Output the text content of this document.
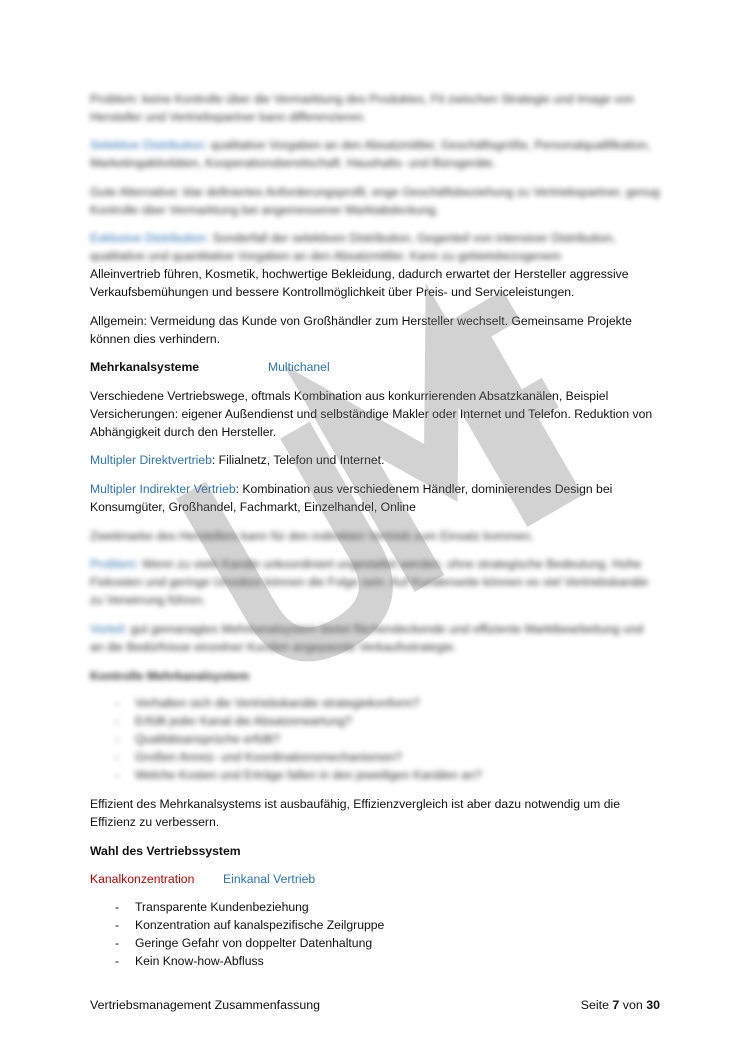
Problem: keine Kontrolle über die Vermarktung des Produktes, Fit zwischen Strategie und Image von Hersteller und Vertriebspartner kann differenzieren.
Selektive Distribution: qualitative Vorgaben an den Absatzmittler, Geschäftsgröße, Personalqualifikation, Marketingaktivitäten, Kooperationsbereitschaft. Haushalts- und Bürogeräte.
Gute Alternative: klar definiertes Anforderungsprofil, enge Geschäftsbeziehung zu Vertriebspartner, genug Kontrolle über Vermarktung bei angemessener Marktabdeckung.
Exklusive Distribution: Sonderfall der selektiven Distribution, Gegenteil von intensiver Distribution, qualitative und quantitative Vorgaben an den Absatzmittler. Kann zu gebietsbezogenem
Alleinvertrieb führen, Kosmetik, hochwertige Bekleidung, dadurch erwartet der Hersteller aggressive Verkaufsbemühungen und bessere Kontrollmöglichkeit über Preis- und Serviceleistungen.
Allgemein: Vermeidung das Kunde von Großhändler zum Hersteller wechselt. Gemeinsame Projekte können dies verhindern.
Mehrkanalsysteme	Multichanel
Verschiedene Vertriebswege, oftmals Kombination aus konkurrierenden Absatzkanälen, Beispiel Versicherungen: eigener Außendienst und selbständige Makler oder Internet und Telefon. Reduktion von Abhängigkeit durch den Hersteller.
Multipler Direktvertrieb: Filialnetz, Telefon und Internet.
Multipler Indirekter Vertrieb: Kombination aus verschiedenem Händler, dominierendes Design bei Konsumgüter, Großhandel, Fachmarkt, Einzelhandel, Online
Zweitmarke des Herstellers kann für den indirekten Vertrieb zum Einsatz kommen.
Problem: Wenn zu viele Kanäle unkoordiniert ungestaltet werden, ohne strategische Bedeutung. Hohe Fixkosten und geringe Umsätze können die Folge sein. Auf Kundenseite können es viel Vertriebskanäle zu Verwirrung führen.
Vorteil: gut gemanagtes Mehrkanalsystem bietet flächendeckende und effiziente Marktbearbeitung und an die Bedürfnisse einzelner Kunden angepasste Verkaufsstrategie.
Kontrolle Mehrkanalsystem
- Verhalten sich die Vertriebskanäle strategiekonform?
- Erfüllt jeder Kanal die Absatzerwartung?
- Qualitätsansprüche erfüllt?
- Großen Anreiz- und Koordinationsmechanismen?
- Welche Kosten und Erträge fallen in den jeweiligen Kanälen an?
Effizient des Mehrkanalsystems ist ausbaufähig, Effizienzvergleich ist aber dazu notwendig um die Effizienz zu verbessern.
Wahl des Vertriebssystem
Kanalkonzentration Einkanal Vertrieb
- Transparente Kundenbeziehung
- Konzentration auf kanalspezifische Zeilgruppe
- Geringe Gefahr von doppelter Datenhaltung
- Kein Know-how-Abfluss
Vertriebsmanagement Zusammenfassung	Seite 7 von 30
